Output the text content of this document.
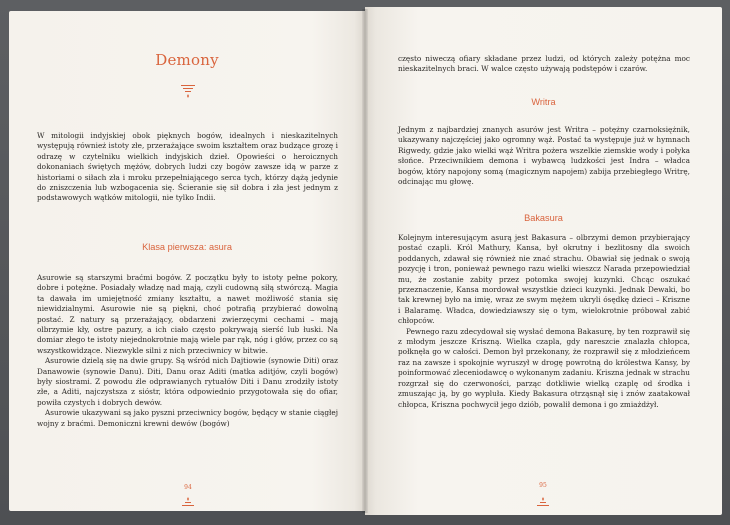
Demony

W mitologii indyjskiej obok pięknych bogów, idealnych i nieskazitelnych występują również istoty złe, przerażające swoim kształtem oraz budzące grozę i odrazę w czytelniku wielkich indyjskich dzieł. Opowieści o heroicznych dokonaniach świętych mężów, dobrych ludzi czy bogów zawsze idą w parze z historiami o siłach zła i mroku przepełniającego serca tych, którzy dążą jedynie do zniszczenia lub wzbogacenia się. Ścieranie się sił dobra i zła jest jednym z podstawowych wątków mitologii, nie tylko Indii.

Klasa pierwsza: asura

Asurowie są starszymi braćmi bogów. Z początku były to istoty pełne pokory, dobre i potężne. Posiadały władzę nad mają, czyli cudowną siłą stwórczą. Magia ta dawała im umiejętność zmiany kształtu, a nawet możliwość stania się niewidzialnymi. Asurowie nie są piękni, choć potrafią przybierać dowolną postać. Z natury są przerażający, obdarzeni zwierzęcymi cechami – mają olbrzymie kły, ostre pazury, a ich ciało często pokrywają sierść lub łuski. Na domiar złego te istoty niejednokrotnie mają wiele par rąk, nóg i głów, przez co są wszystkowidzące. Niezwykle silni z nich przeciwnicy w bitwie.

Asurowie dzielą się na dwie grupy. Są wśród nich Dajtiowie (synowie Diti) oraz Danawowie (synowie Danu). Diti, Danu oraz Aditi (matka aditjów, czyli bogów) były siostrami. Z powodu źle odprawianych rytuałów Diti i Danu zrodziły istoty złe, a Aditi, najczystsza z sióstr, która odpowiednio przygotowała się do ofiar, powiła czystych i dobrych dewów.

Asurowie ukazywani są jako pyszni przeciwnicy bogów, będący w stanie ciągłej wojny z braćmi. Demoniczni krewni dewów (bogów)

94

często niweczą ofiary składane przez ludzi, od których zależy potężna moc nieskazitelnych braci. W walce często używają podstępów i czarów.

Writra

Jednym z najbardziej znanych asurów jest Writra – potężny czarnoksiężnik, ukazywany najczęściej jako ogromny wąż. Postać ta występuje już w hymnach Rigwedy, gdzie jako wielki wąż Writra pożera wszelkie ziemskie wody i połyka słońce. Przeciwnikiem demona i wybawcą ludzkości jest Indra – władca bogów, który napojony somą (magicznym napojem) zabija przebiegłego Writrę, odcinając mu głowę.

Bakasura

Kolejnym interesującym asurą jest Bakasura – olbrzymi demon przybierający postać czapli. Król Mathury, Kansa, był okrutny i bezlitosny dla swoich poddanych, zdawał się również nie znać strachu. Obawiał się jednak o swoją pozycję i tron, ponieważ pewnego razu wielki wieszcz Narada przepowiedział mu, że zostanie zabity przez potomka swojej kuzynki. Chcąc oszukać przeznaczenie, Kansa mordował wszystkie dzieci kuzynki. Jednak Dewaki, bo tak krewnej było na imię, wraz ze swym mężem ukryli ósędkę dzieci – Kriszne i Balaramę. Władca, dowiedziawszy się o tym, wielokrotnie próbował zabić chłopców.

Pewnego razu zdecydował się wysłać demona Bakasurę, by ten rozprawił się z młodym jeszcze Kriszną. Wielka czapla, gdy nareszcie znalazła chłopca, połknęła go w całości. Demon był przekonany, że rozprawił się z młodzieńcem raz na zawsze i spokojnie wyruszył w drogę powrotną do królestwa Kansy, by poinformować zleceniodawcę o wykonanym zadaniu. Kriszna jednak w strachu rozgrzał się do czerwoności, parząc dotkliwie wielką czaplę od środka i zmuszając ją, by go wypluła. Kiedy Bakasura otrząsnął się i znów zaatakował chłopca, Kriszna pochwycił jego dziób, powalił demona i go zmiażdżył.

95
